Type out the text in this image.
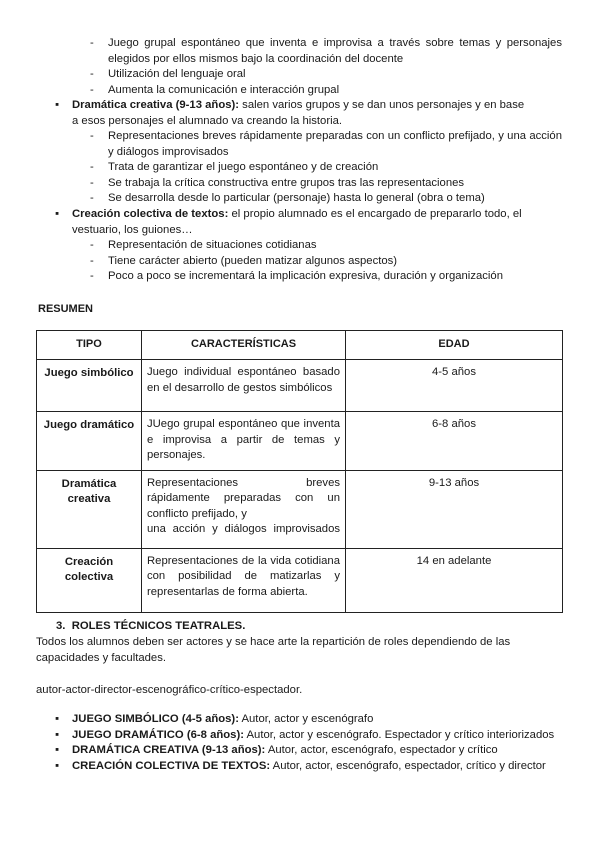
- Juego grupal espontáneo que inventa e improvisa a través sobre temas y personajes elegidos por ellos mismos bajo la coordinación del docente
- Utilización del lenguaje oral
- Aumenta la comunicación e interacción grupal
▪ Dramática creativa (9-13 años): salen varios grupos y se dan unos personajes y en base
a esos personajes el alumnado va creando la historia.
- Representaciones breves rápidamente preparadas con un conflicto prefijado, y una acción y diálogos improvisados
- Trata de garantizar el juego espontáneo y de creación
- Se trabaja la crítica constructiva entre grupos tras las representaciones
- Se desarrolla desde lo particular (personaje) hasta lo general (obra o tema)
▪ Creación colectiva de textos: el propio alumnado es el encargado de prepararlo todo, el
vestuario, los guiones…
- Representación de situaciones cotidianas
- Tiene carácter abierto (pueden matizar algunos aspectos)
- Poco a poco se incrementará la implicación expresiva, duración y organización
RESUMEN
TIPO	CARACTERÍSTICAS	EDAD
Juego simbólico	Juego individual espontáneo basado en el desarrollo de gestos simbólicos	4-5 años
Juego dramático	JUego grupal espontáneo que inventa e improvisa a partir de temas y personajes.	6-8 años
Dramática creativa	Representaciones breves rápidamente preparadas con un conflicto prefijado, y
una acción y diálogos improvisados	9-13 años
Creación colectiva	Representaciones de la vida cotidiana con posibilidad de matizarlas y representarlas de forma abierta.	14 en adelante
3. ROLES TÉCNICOS TEATRALES.
Todos los alumnos deben ser actores y se hace arte la repartición de roles dependiendo de las capacidades y facultades.
autor-actor-director-escenográfico-crítico-espectador.
▪ JUEGO SIMBÓLICO (4-5 años): Autor, actor y escenógrafo
▪ JUEGO DRAMÁTICO (6-8 años): Autor, actor y escenógrafo. Espectador y crítico interiorizados
▪ DRAMÁTICA CREATIVA (9-13 años): Autor, actor, escenógrafo, espectador y crítico
▪ CREACIÓN COLECTIVA DE TEXTOS: Autor, actor, escenógrafo, espectador, crítico y director
